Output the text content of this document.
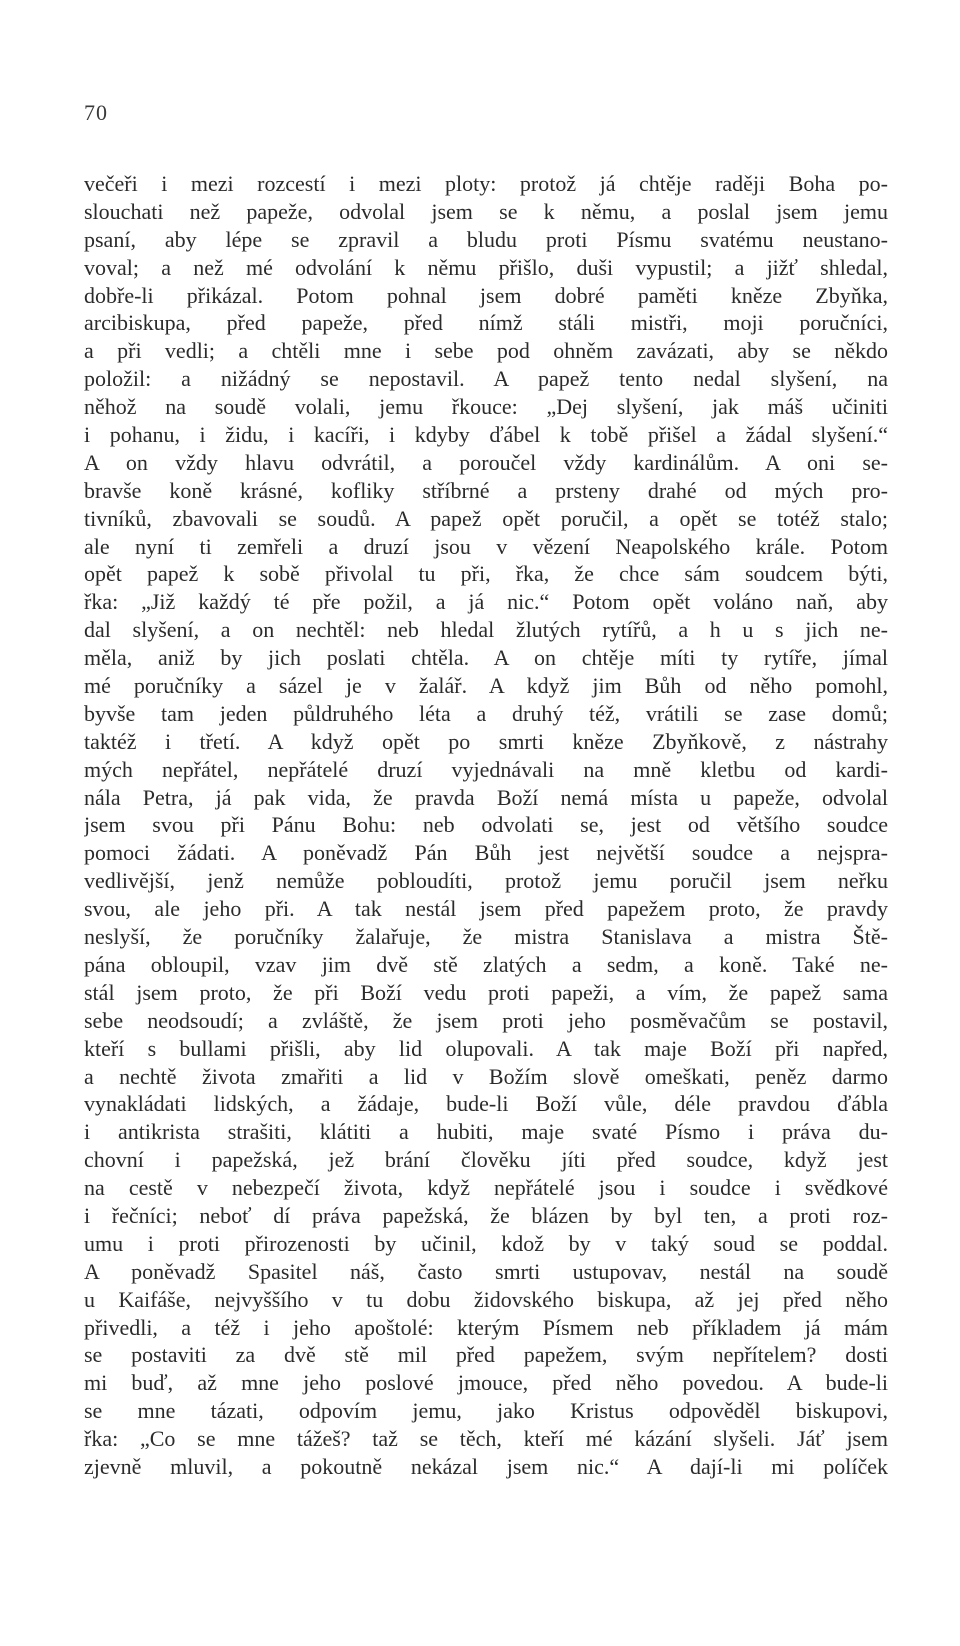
70
večeři i mezi rozcestí i mezi ploty: protož já chtěje raději Boha po-
slouchati než papeže, odvolal jsem se k němu, a poslal jsem jemu
psaní, aby lépe se zpravil a bludu proti Písmu svatému neustano-
voval; a než mé odvolání k němu přišlo, duši vypustil; a jižť shledal,
dobře-li přikázal. Potom pohnal jsem dobré paměti kněze Zbyňka,
arcibiskupa, před papeže, před nímž stáli mistři, moji poručníci,
a při vedli; a chtěli mne i sebe pod ohněm zavázati, aby se někdo
položil: a nižádný se nepostavil. A papež tento nedal slyšení, na
něhož na soudě volali, jemu řkouce: „Dej slyšení, jak máš učiniti
i pohanu, i židu, i kacíři, i kdyby ďábel k tobě přišel a žádal slyšení.“
A on vždy hlavu odvrátil, a poroučel vždy kardinálům. A oni se-
bravše koně krásné, kofliky stříbrné a prsteny drahé od mých pro-
tivníků, zbavovali se soudů. A papež opět poručil, a opět se totéž stalo;
ale nyní ti zemřeli a druzí jsou v vězení Neapolského krále. Potom
opět papež k sobě přivolal tu při, řka, že chce sám soudcem býti,
řka: „Již každý té pře požil, a já nic.“ Potom opět voláno naň, aby
dal slyšení, a on nechtěl: neb hledal žlutých rytířů, a h u s jich ne-
měla, aniž by jich poslati chtěla. A on chtěje míti ty rytíře, jímal
mé poručníky a sázel je v žalář. A když jim Bůh od něho pomohl,
byvše tam jeden půldruhého léta a druhý též, vrátili se zase domů;
taktéž i třetí. A když opět po smrti kněze Zbyňkově, z nástrahy
mých nepřátel, nepřátelé druzí vyjednávali na mně kletbu od kardi-
nála Petra, já pak vida, že pravda Boží nemá místa u papeže, odvolal
jsem svou při Pánu Bohu: neb odvolati se, jest od většího soudce
pomoci žádati. A poněvadž Pán Bůh jest největší soudce a nejspra-
vedlivější, jenž nemůže pobloudíti, protož jemu poručil jsem neřku
svou, ale jeho při. A tak nestál jsem před papežem proto, že pravdy
neslyší, že poručníky žalařuje, že mistra Stanislava a mistra Ště-
pána obloupil, vzav jim dvě stě zlatých a sedm, a koně. Také ne-
stál jsem proto, že při Boží vedu proti papeži, a vím, že papež sama
sebe neodsoudí; a zvláště, že jsem proti jeho posměvačům se postavil,
kteří s bullami přišli, aby lid olupovali. A tak maje Boží při napřed,
a nechtě života zmařiti a lid v Božím slově omeškati, peněz darmo
vynakládati lidských, a žádaje, bude-li Boží vůle, déle pravdou ďábla
i antikrista strašiti, klátiti a hubiti, maje svaté Písmo i práva du-
chovní i papežská, jež brání člověku jíti před soudce, když jest
na cestě v nebezpečí života, když nepřátelé jsou i soudce i svědkové
i řečníci; neboť dí práva papežská, že blázen by byl ten, a proti roz-
umu i proti přirozenosti by učinil, kdož by v taký soud se poddal.
A poněvadž Spasitel náš, často smrti ustupovav, nestál na soudě
u Kaifáše, nejvyššího v tu dobu židovského biskupa, až jej před něho
přivedli, a též i jeho apoštolé: kterým Písmem neb příkladem já mám
se postaviti za dvě stě mil před papežem, svým nepřítelem? dosti
mi buď, až mne jeho poslové jmouce, před něho povedou. A bude-li
se mne tázati, odpovím jemu, jako Kristus odpověděl biskupovi,
řka: „Co se mne tážeš? taž se těch, kteří mé kázání slyšeli. Jáť jsem
zjevně mluvil, a pokoutně nekázal jsem nic.“ A dají-li mi políček
